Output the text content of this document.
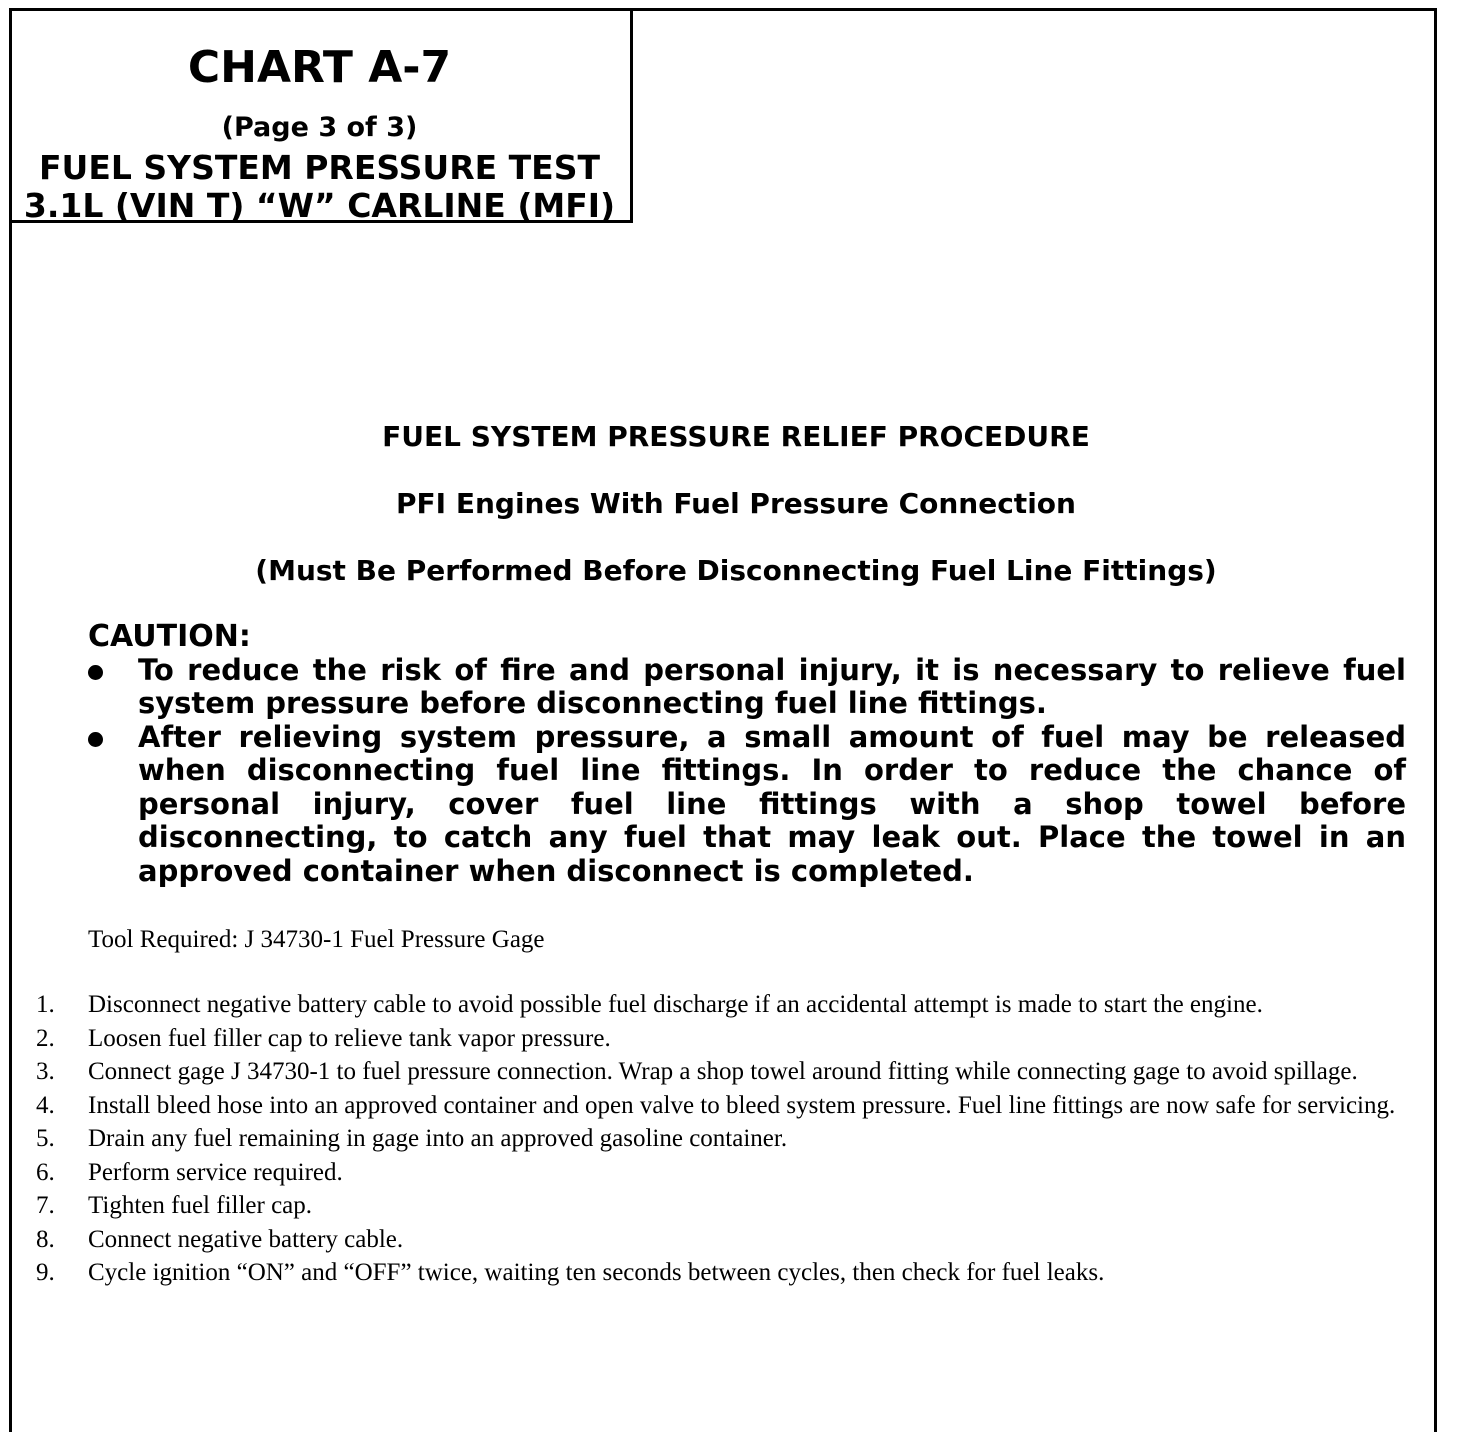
CHART A-7
(Page 3 of 3)
FUEL SYSTEM PRESSURE TEST
3.1L (VIN T) “W” CARLINE (MFI)
FUEL SYSTEM PRESSURE RELIEF PROCEDURE
PFI Engines With Fuel Pressure Connection
(Must Be Performed Before Disconnecting Fuel Line Fittings)
CAUTION:
To reduce the risk of fire and personal injury, it is necessary to relieve fuel system pressure before disconnecting fuel line fittings.
After relieving system pressure, a small amount of fuel may be released when disconnecting fuel line fittings. In order to reduce the chance of personal injury, cover fuel line fittings with a shop towel before disconnecting, to catch any fuel that may leak out. Place the towel in an approved container when disconnect is completed.
Tool Required: J 34730-1 Fuel Pressure Gage
1. Disconnect negative battery cable to avoid possible fuel discharge if an accidental attempt is made to start the engine.
2. Loosen fuel filler cap to relieve tank vapor pressure.
3. Connect gage J 34730-1 to fuel pressure connection. Wrap a shop towel around fitting while connecting gage to avoid spillage.
4. Install bleed hose into an approved container and open valve to bleed system pressure. Fuel line fittings are now safe for servicing.
5. Drain any fuel remaining in gage into an approved gasoline container.
6. Perform service required.
7. Tighten fuel filler cap.
8. Connect negative battery cable.
9. Cycle ignition “ON” and “OFF” twice, waiting ten seconds between cycles, then check for fuel leaks.
